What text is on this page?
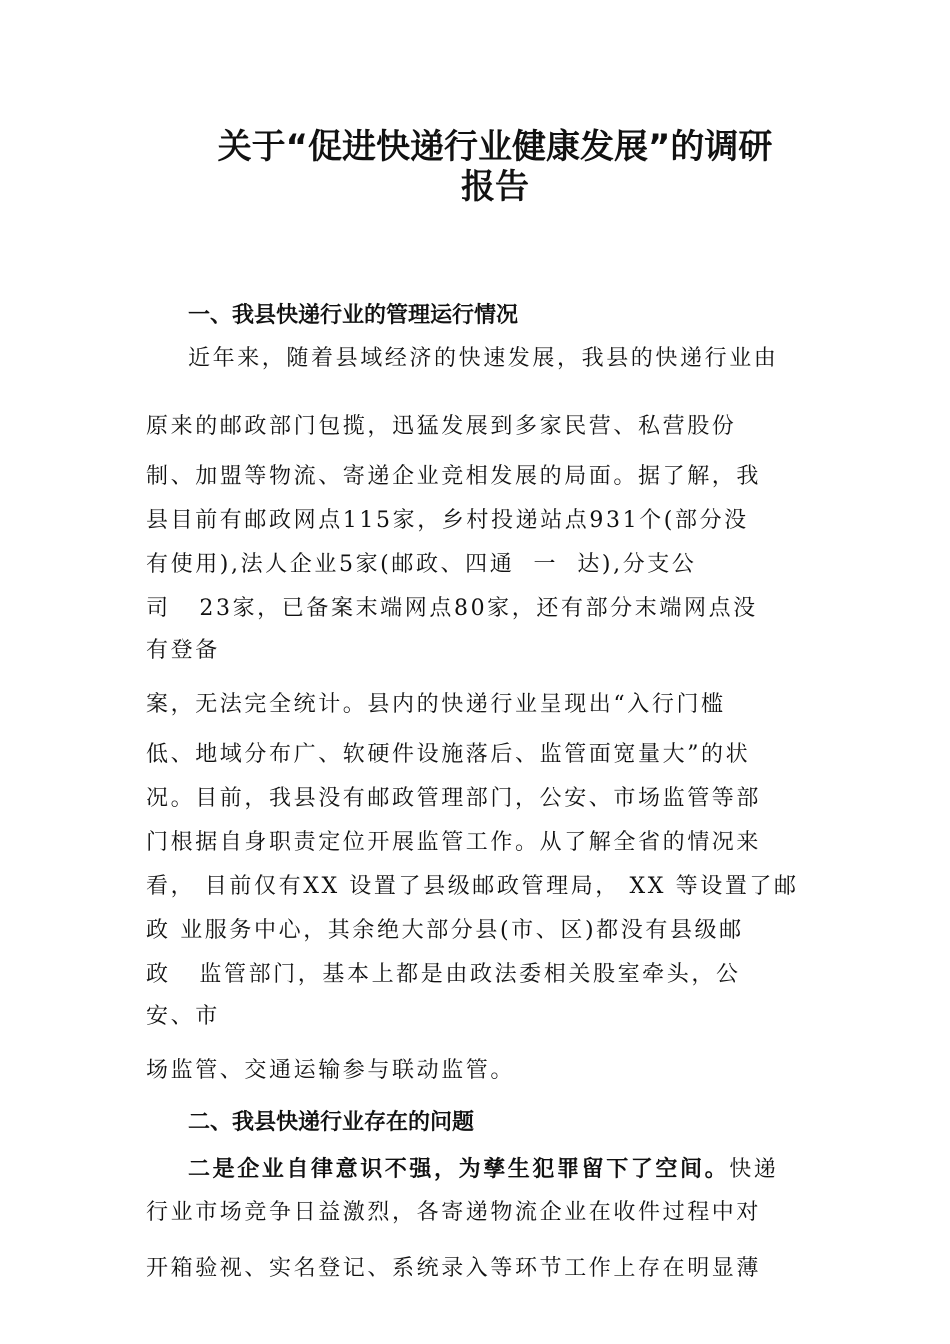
关于“促进快递行业健康发展”的调研
报告
一、我县快递行业的管理运行情况
近年来，随着县域经济的快速发展，我县的快递行业由
原来的邮政部门包揽，迅猛发展到多家民营、私营股份
制、加盟等物流、寄递企业竞相发展的局面。据了解，我
县目前有邮政网点115家，乡村投递站点931个(部分没
有使用),法人企业5家(邮政、四通  一  达),分支公
司   23家，已备案末端网点80家，还有部分末端网点没
有登备
案，无法完全统计。县内的快递行业呈现出“入行门槛
低、地域分布广、软硬件设施落后、监管面宽量大”的状
况。目前，我县没有邮政管理部门，公安、市场监管等部
门根据自身职责定位开展监管工作。从了解全省的情况来
看， 目前仅有XX 设置了县级邮政管理局， XX 等设置了邮
政 业服务中心，其余绝大部分县(市、区)都没有县级邮
政   监管部门，基本上都是由政法委相关股室牵头，公
安、市
场监管、交通运输参与联动监管。
二、我县快递行业存在的问题
二是企业自律意识不强，为孳生犯罪留下了空间。快递
行业市场竞争日益激烈，各寄递物流企业在收件过程中对
开箱验视、实名登记、系统录入等环节工作上存在明显薄
